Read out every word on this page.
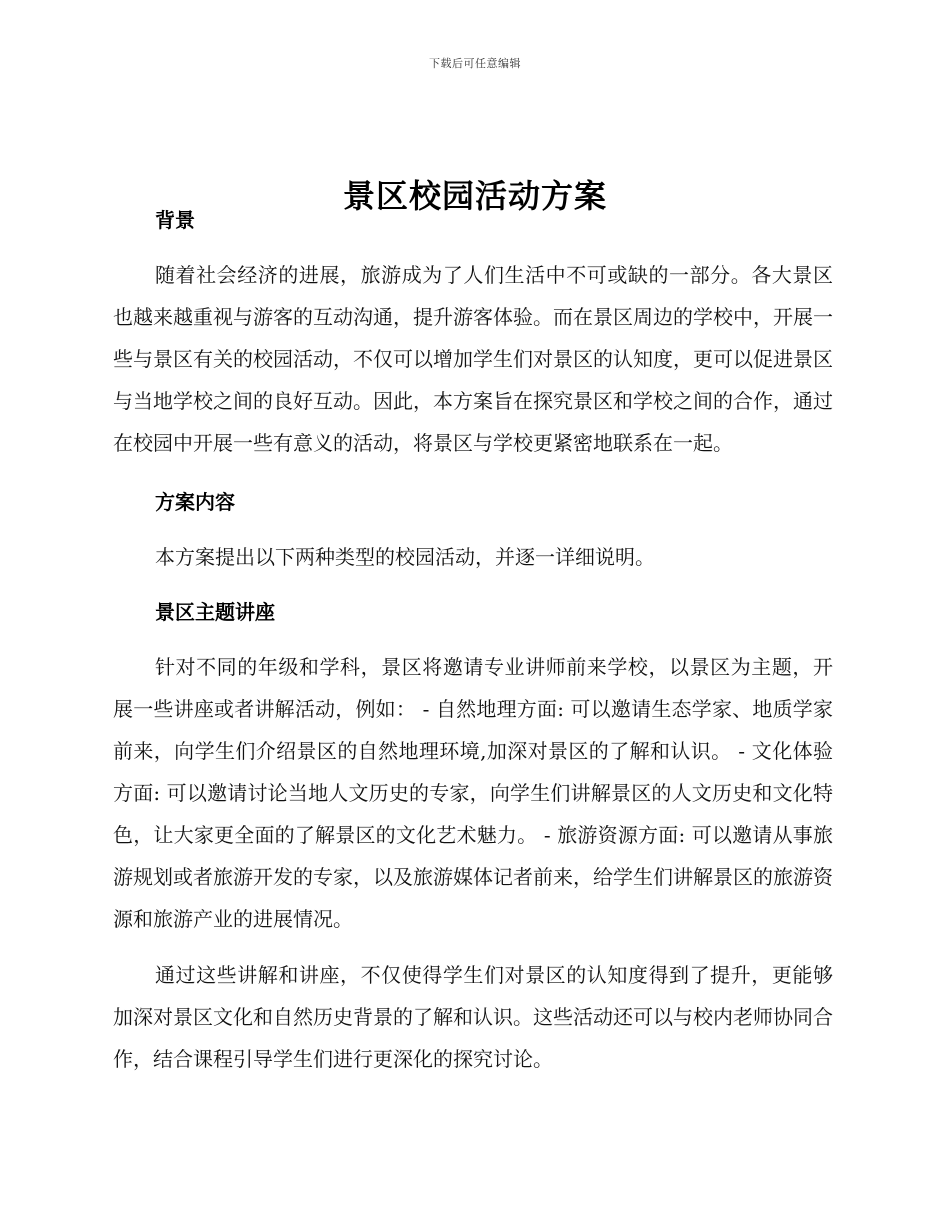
下载后可任意编辑
景区校园活动方案
背景

随着社会经济的进展，旅游成为了人们生活中不可或缺的一部分。各大景区也越来越重视与游客的互动沟通，提升游客体验。而在景区周边的学校中，开展一些与景区有关的校园活动，不仅可以增加学生们对景区的认知度，更可以促进景区与当地学校之间的良好互动。因此，本方案旨在探究景区和学校之间的合作，通过在校园中开展一些有意义的活动，将景区与学校更紧密地联系在一起。

方案内容

本方案提出以下两种类型的校园活动，并逐一详细说明。

景区主题讲座

针对不同的年级和学科，景区将邀请专业讲师前来学校，以景区为主题，开展一些讲座或者讲解活动，例如： - 自然地理方面: 可以邀请生态学家、地质学家前来，向学生们介绍景区的自然地理环境,加深对景区的了解和认识。 - 文化体验方面: 可以邀请讨论当地人文历史的专家，向学生们讲解景区的人文历史和文化特色，让大家更全面的了解景区的文化艺术魅力。 - 旅游资源方面: 可以邀请从事旅游规划或者旅游开发的专家，以及旅游媒体记者前来，给学生们讲解景区的旅游资源和旅游产业的进展情况。

通过这些讲解和讲座，不仅使得学生们对景区的认知度得到了提升，更能够加深对景区文化和自然历史背景的了解和认识。这些活动还可以与校内老师协同合作，结合课程引导学生们进行更深化的探究讨论。
